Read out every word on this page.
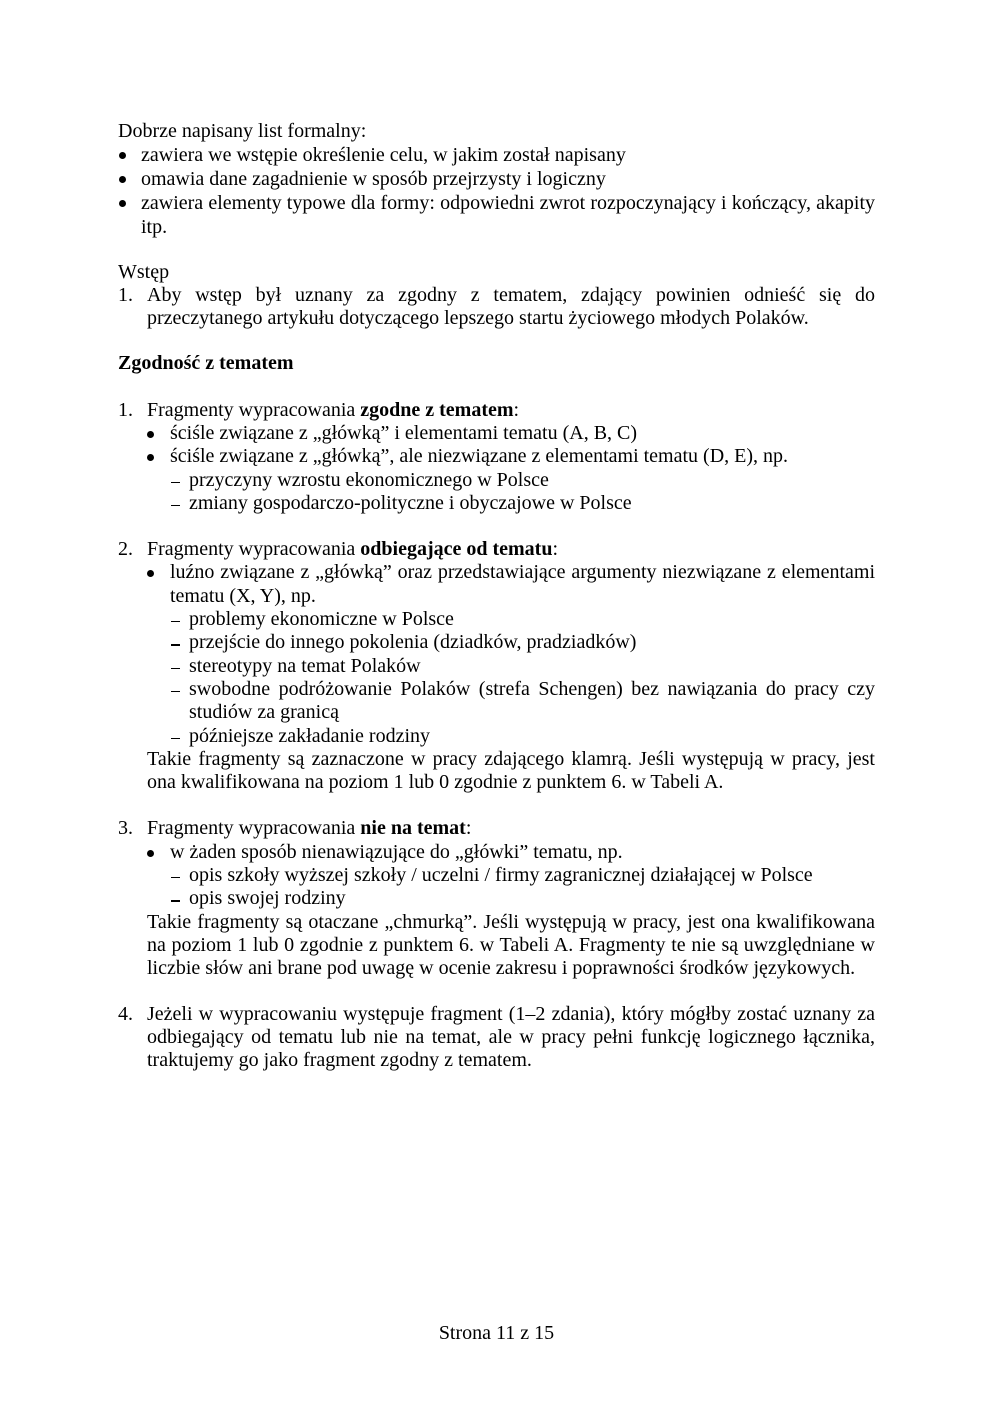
Dobrze napisany list formalny:

zawiera we wstępie określenie celu, w jakim został napisany

omawia dane zagadnienie w sposób przejrzysty i logiczny

zawiera elementy typowe dla formy: odpowiedni zwrot rozpoczynający i kończący, akapity itp.

Wstęp

1. Aby wstęp był uznany za zgodny z tematem, zdający powinien odnieść się do przeczytanego artykułu dotyczącego lepszego startu życiowego młodych Polaków.

Zgodność z tematem

1. Fragmenty wypracowania zgodne z tematem:

ściśle związane z „główką” i elementami tematu (A, B, C)

ściśle związane z „główką”, ale niezwiązane z elementami tematu (D, E), np.

przyczyny wzrostu ekonomicznego w Polsce

zmiany gospodarczo-polityczne i obyczajowe w Polsce

2. Fragmenty wypracowania odbiegające od tematu:

luźno związane z „główką” oraz przedstawiające argumenty niezwiązane z elementami tematu (X, Y), np.

problemy ekonomiczne w Polsce

przejście do innego pokolenia (dziadków, pradziadków)

stereotypy na temat Polaków

swobodne podróżowanie Polaków (strefa Schengen) bez nawiązania do pracy czy studiów za granicą

późniejsze zakładanie rodziny

Takie fragmenty są zaznaczone w pracy zdającego klamrą. Jeśli występują w pracy, jest ona kwalifikowana na poziom 1 lub 0 zgodnie z punktem 6. w Tabeli A.

3. Fragmenty wypracowania nie na temat:

w żaden sposób nienawiązujące do „główki” tematu, np.

opis szkoły wyższej szkoły / uczelni / firmy zagranicznej działającej w Polsce

opis swojej rodziny

Takie fragmenty są otaczane „chmurką”. Jeśli występują w pracy, jest ona kwalifikowana na poziom 1 lub 0 zgodnie z punktem 6. w Tabeli A. Fragmenty te nie są uwzględniane w liczbie słów ani brane pod uwagę w ocenie zakresu i poprawności środków językowych.

4. Jeżeli w wypracowaniu występuje fragment (1–2 zdania), który mógłby zostać uznany za odbiegający od tematu lub nie na temat, ale w pracy pełni funkcję logicznego łącznika, traktujemy go jako fragment zgodny z tematem.

Strona 11 z 15
